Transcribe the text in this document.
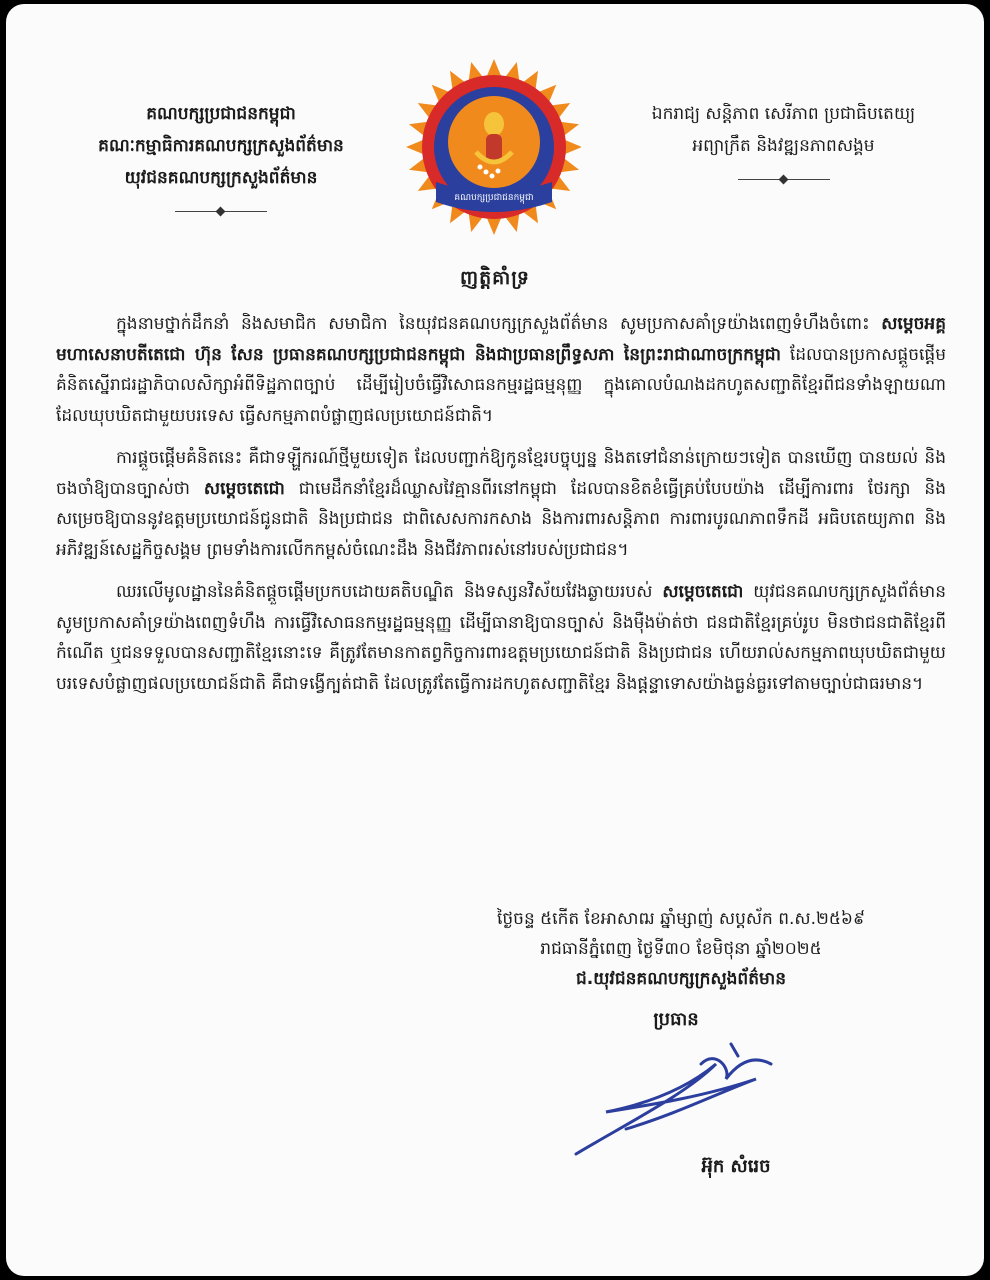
គណបក្សប្រជាជនកម្ពុជា
គណៈកម្មាធិការគណបក្សក្រសួងព័ត៌មាន
យុវជនគណបក្សក្រសួងព័ត៌មាន
គណបក្សប្រជាជនកម្ពុជា
ឯករាជ្យ សន្តិភាព សេរីភាព ប្រជាធិបតេយ្យ
អព្យាក្រឹត និងវឌ្ឍនភាពសង្គម
ញត្តិគាំទ្រ

ក្នុងនាមថ្នាក់ដឹកនាំ និងសមាជិក សមាជិកា នៃយុវជនគណបក្សក្រសួងព័ត៌មាន សូមប្រកាសគាំទ្រយ៉ាងពេញទំហឹងចំពោះ សម្តេចអគ្គមហាសេនាបតីតេជោ ហ៊ុន សែន ប្រធានគណបក្សប្រជាជនកម្ពុជា និងជាប្រធានព្រឹទ្ធសភា នៃព្រះរាជាណាចក្រកម្ពុជា ដែលបានប្រកាសផ្តួចផ្តើមគំនិតស្នើរាជរដ្ឋាភិបាលសិក្សាអំពីទិដ្ឋភាពច្បាប់ ដើម្បីរៀបចំធ្វើវិសោធនកម្មរដ្ឋធម្មនុញ្ញ ក្នុងគោលបំណងដកហូតសញ្ជាតិខ្មែរពីជនទាំងឡាយណាដែលឃុបឃិតជាមួយបរទេស ធ្វើសកម្មភាពបំផ្លាញផលប្រយោជន៍ជាតិ។

ការផ្តួចផ្តើមគំនិតនេះ គឺជាទឡ្ហីករណ៍ថ្មីមួយទៀត ដែលបញ្ជាក់ឱ្យកូនខ្មែរបច្ចុប្បន្ន និងតទៅជំនាន់ក្រោយៗទៀត បានឃើញ បានយល់ និងចងចាំឱ្យបានច្បាស់ថា សម្តេចតេជោ ជាមេដឹកនាំខ្មែរដ៏ឈ្លាសវៃគ្មានពីរនៅកម្ពុជា ដែលបានខិតខំធ្វើគ្រប់បែបយ៉ាង ដើម្បីការពារ ថែរក្សា និងសម្រេចឱ្យបាននូវឧត្តមប្រយោជន៍ជូនជាតិ និងប្រជាជន ជាពិសេសការកសាង និងការពារសន្តិភាព ការពារបូរណភាពទឹកដី អធិបតេយ្យភាព និងអភិវឌ្ឍន៍សេដ្ឋកិច្ចសង្គម ព្រមទាំងការលើកកម្ពស់ចំណេះដឹង និងជីវភាពរស់នៅរបស់ប្រជាជន។

ឈរលើមូលដ្ឋាននៃគំនិតផ្តួចផ្តើមប្រកបដោយគតិបណ្ឌិត និងទស្សនវិស័យវែងឆ្ងាយរបស់ សម្តេចតេជោ យុវជនគណបក្សក្រសួងព័ត៌មាន សូមប្រកាសគាំទ្រយ៉ាងពេញទំហឹង ការធ្វើវិសោធនកម្មរដ្ឋធម្មនុញ្ញ ដើម្បីធានាឱ្យបានច្បាស់ និងម៉ឺងម៉ាត់ថា ជនជាតិខ្មែរគ្រប់រូប មិនថាជនជាតិខ្មែរពីកំណើត ឬជនទទួលបានសញ្ជាតិខ្មែរនោះទេ គឺត្រូវតែមានកាតព្វកិច្ចការពារឧត្តមប្រយោជន៍ជាតិ និងប្រជាជន ហើយរាល់សកម្មភាពឃុបឃិតជាមួយបរទេសបំផ្លាញផលប្រយោជន៍ជាតិ គឺជាទង្វើក្បត់ជាតិ ដែលត្រូវតែធ្វើការដកហូតសញ្ជាតិខ្មែរ និងផ្តន្ទាទោសយ៉ាងធ្ងន់ធ្ងរទៅតាមច្បាប់ជាធរមាន។

ថ្ងៃចន្ទ ៥កើត ខែអាសាឍ ឆ្នាំម្សាញ់ សប្តស័ក ព.ស.២៥៦៩
រាជធានីភ្នំពេញ ថ្ងៃទី៣០ ខែមិថុនា ឆ្នាំ២០២៥
ជ.យុវជនគណបក្សក្រសួងព័ត៌មាន
ប្រធាន
អ៊ុក សំរេច
